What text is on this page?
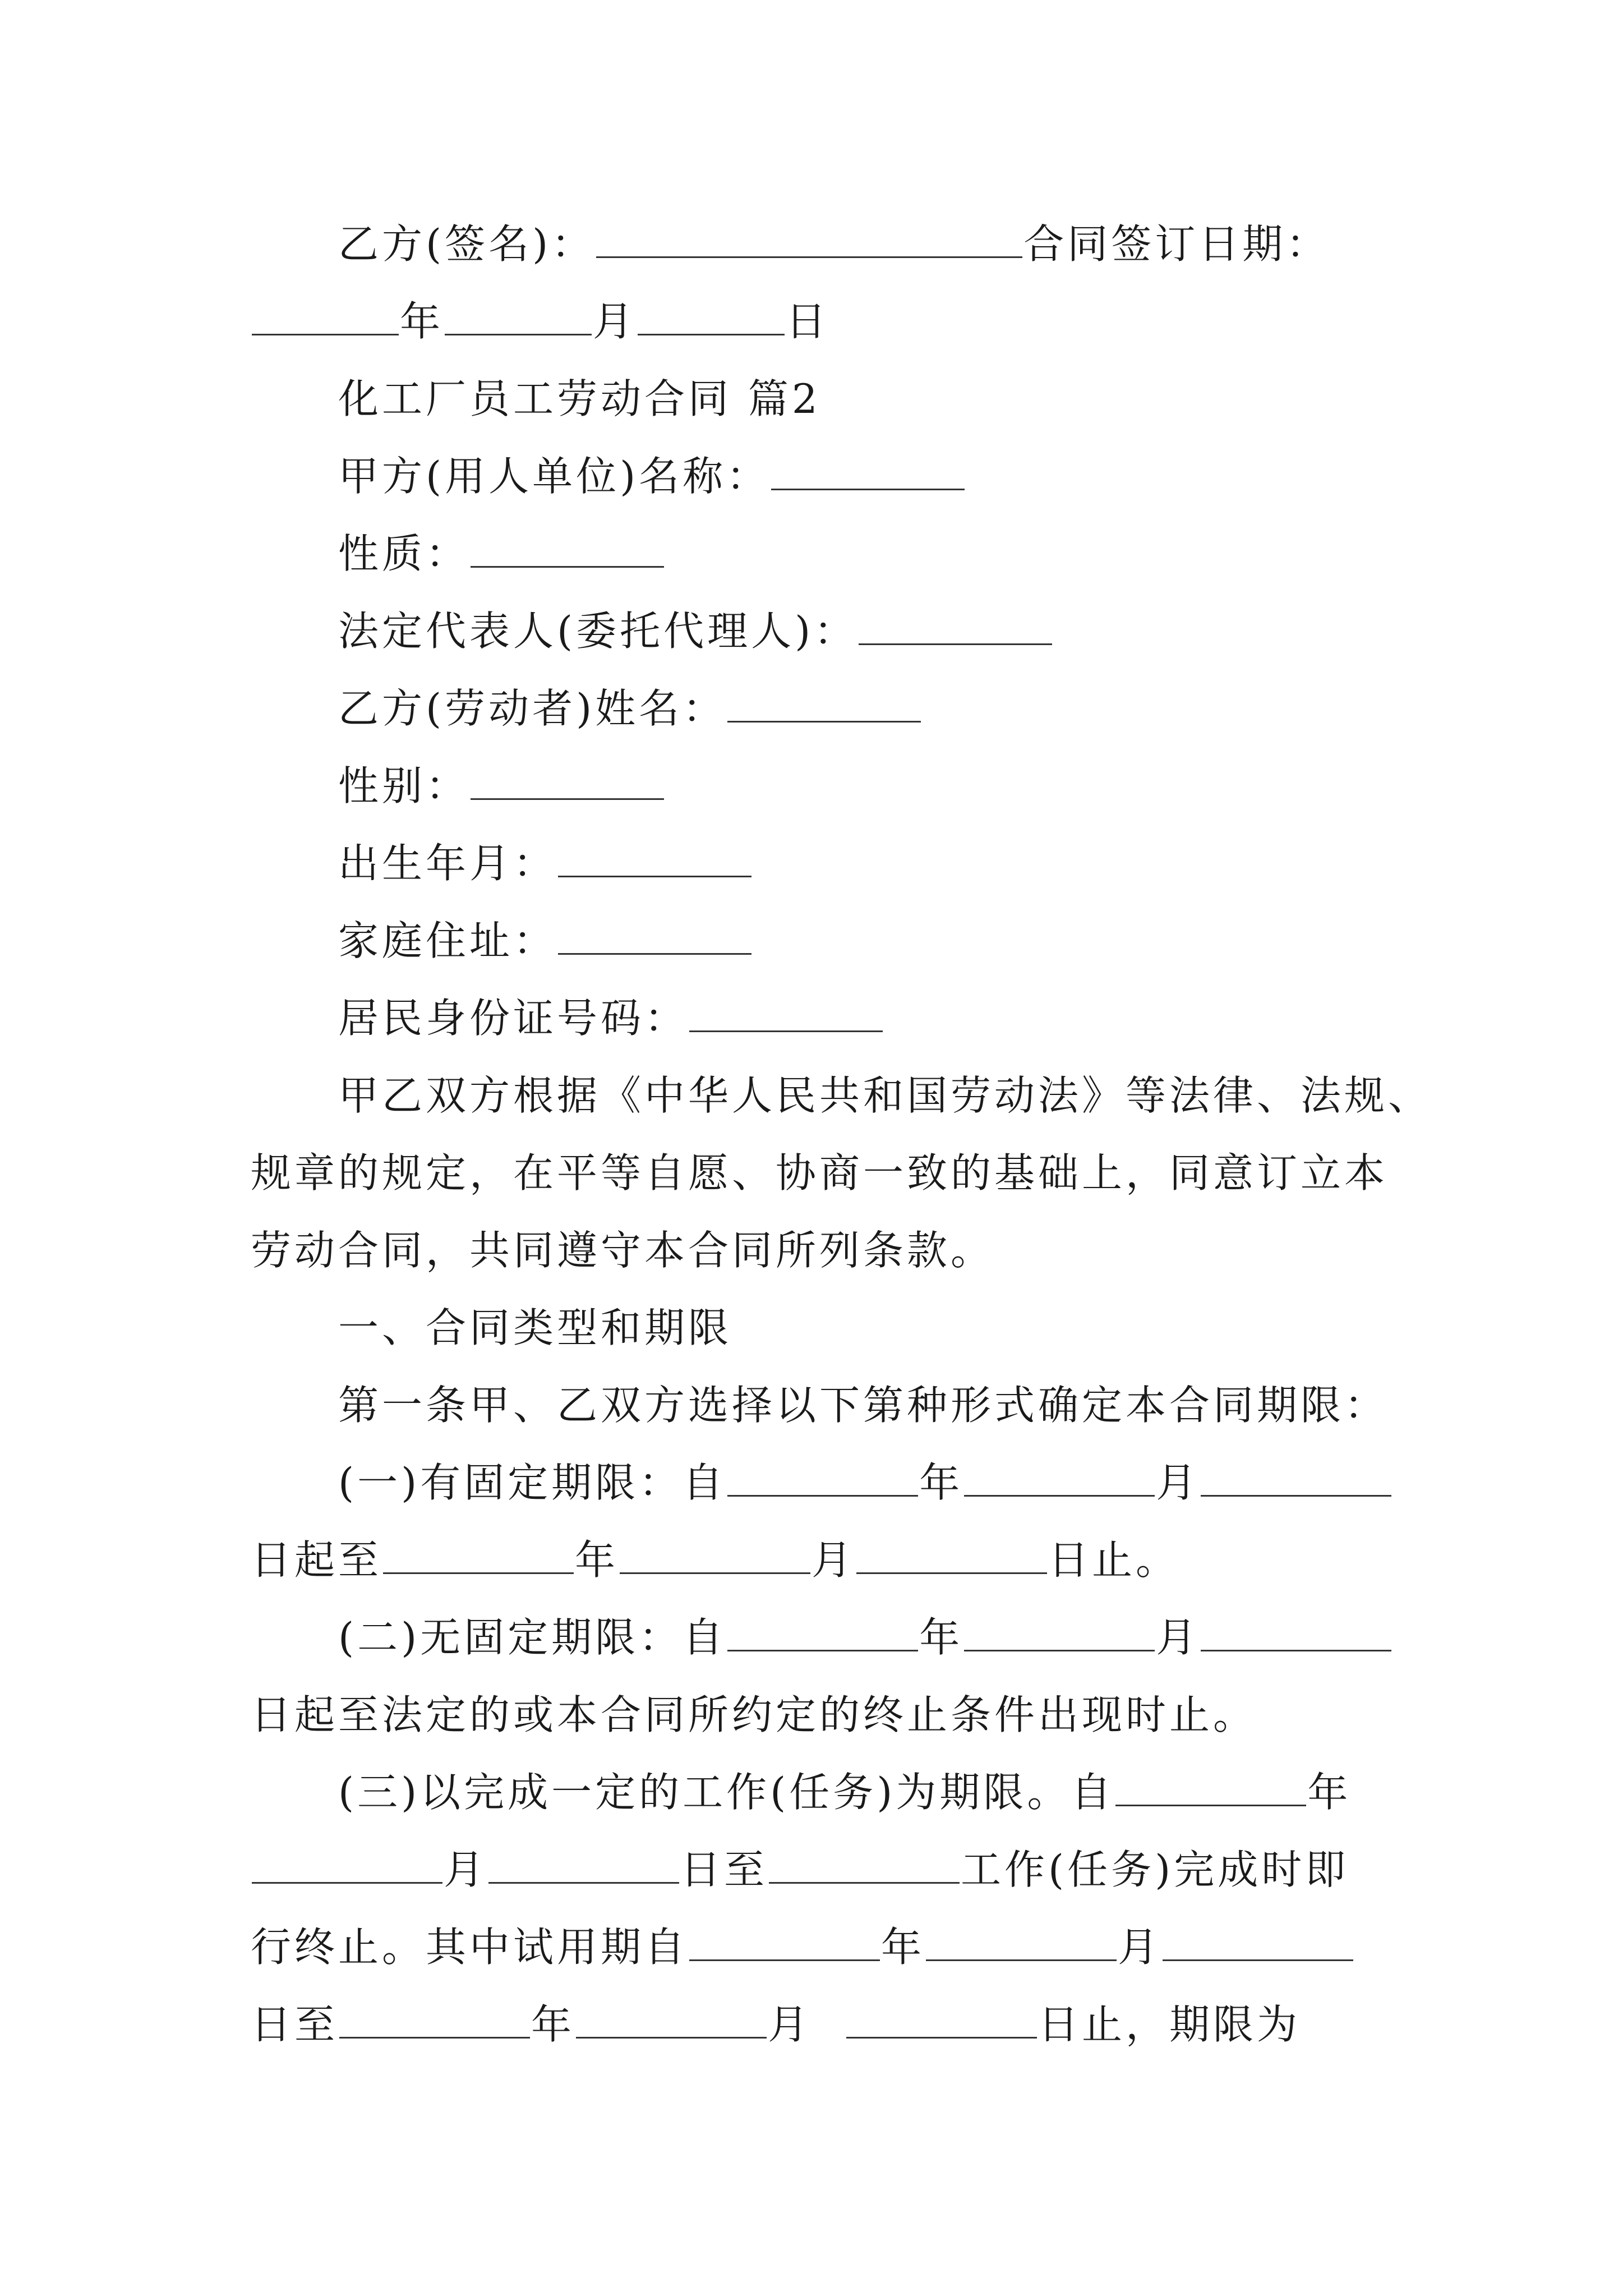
乙方(签名)：	合同签订日期：
年	月	日
化工厂员工劳动合同 篇2
甲方(用人单位)名称：
性质：
法定代表人(委托代理人)：
乙方(劳动者)姓名：
性别：
出生年月：
家庭住址：
居民身份证号码：
甲乙双方根据《中华人民共和国劳动法》等法律、法规、
规章的规定，在平等自愿、协商一致的基础上，同意订立本
劳动合同，共同遵守本合同所列条款。
一、合同类型和期限
第一条甲、乙双方选择以下第种形式确定本合同期限：
(一)有固定期限：自	年	月
日起至	年	月	日止。
(二)无固定期限：自	年	月
日起至法定的或本合同所约定的终止条件出现时止。
(三)以完成一定的工作(任务)为期限。自	年
月	日至	工作(任务)完成时即
行终止。其中试用期自	年	月
日至	年	月	日止，期限为
